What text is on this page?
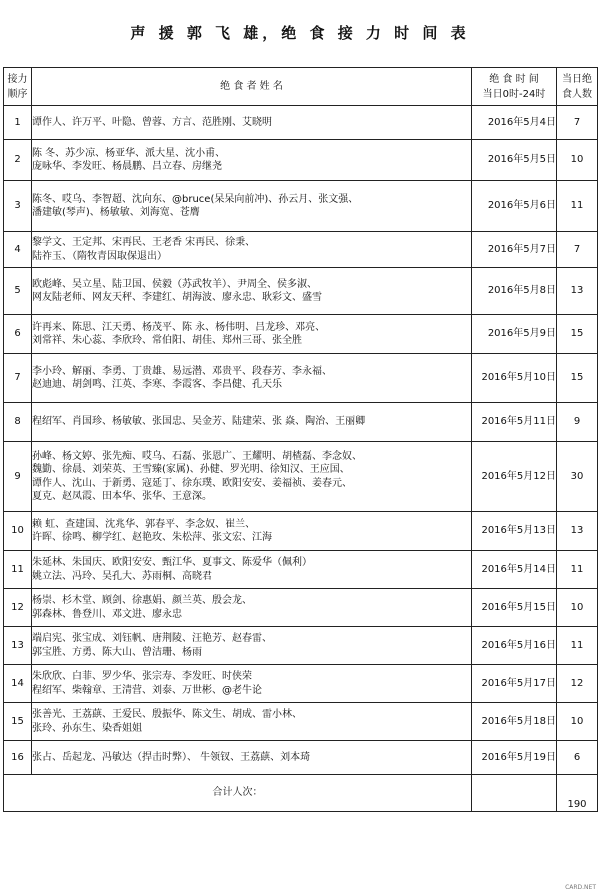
声 援 郭 飞 雄，绝 食 接 力 时 间 表
接力
顺序	绝 食 者 姓 名	绝 食 时 间
当日0时-24时	当日绝
食人数

1	谭作人、许万平、叶隐、曾蓉、方言、范胜刚、艾晓明	2016年5月4日	7
2	陈 冬、苏少凉、杨亚华、派大星、沈小甫、
庞咏华、李发旺、杨晨鹏、吕立春、房继尧	2016年5月5日	10
3	陈冬、哎乌、李智超、沈向东、@bruce(呆呆向前冲)、孙云月、张文强、
潘建敏(琴声)、杨敏敏、刘海宽、苍膺	2016年5月6日	11
4	黎学文、王定邦、宋再民、王老香 宋再民、徐秉、
陆祚玉、（隋牧青因取保退出）	2016年5月7日	7
5	欧彪峰、吴立星、陆卫国、侯毅（苏武牧羊）、尹周全、侯多淑、
网友陆老师、网友天秤、李建红、胡海波、廖永忠、耿彩文、盛雪	2016年5月8日	13
6	许再来、陈思、江天勇、杨茂平、陈 永、杨伟明、吕龙珍、邓亮、
刘常祥、朱心蕊、李欣玲、常伯阳、胡佳、郑州三哥、张全胜	2016年5月9日	15
7	李小玲、解丽、李勇、丁贵雄、易远潜、邓贵平、段春芳、李永福、
赵迪迪、胡剑鸣、江英、李寒、李霞客、李昌健、孔天乐	2016年5月10日	15
8	程绍军、肖国珍、杨敏敏、张国忠、吴金芳、陆建荣、张 焱、陶治、王丽卿	2016年5月11日	9
9	孙峰、杨文婷、张先痴、哎乌、石磊、张恩广、王耀明、胡楂磊、李念奴、
魏勤、徐晨、刘荣英、王雪臻(家属)、孙健、罗光明、徐知汉、王应国、
谭作人、沈山、于新勇、寇延丁、徐东璞、欧阳安安、姜福祯、姜春元、
夏克、赵凤霞、田本华、张华、王意深。	2016年5月12日	30
10	赖 虹、查建国、沈兆华、郭春平、李念奴、崔兰、
许晖、徐鸣、柳学红、赵艳玫、朱松萍、张文宏、江海	2016年5月13日	13
11	朱延林、朱国庆、欧阳安安、甄江华、夏事文、陈爱华（佩利）
姚立法、冯玲、吴孔大、苏雨桐、高晓君	2016年5月14日	11
12	杨崇、杉木堂、顾剑、徐惠娟、颜兰英、殷会龙、
郭森林、鲁登川、邓文进、廖永忠	2016年5月15日	10
13	端启宪、张宝成、刘钰帆、唐荆陵、汪艳芳、赵春雷、
郭宝胜、方勇、陈大山、曾洁珊、杨雨	2016年5月16日	11
14	朱欣欣、白菲、罗少华、张宗寿、李发旺、时侠荣
程绍军、柴翰章、王清营、刘泰、万世彬、@老牛论	2016年5月17日	12
15	张善光、王荔蕻、王爱民、殷振华、陈文生、胡成、雷小林、
张玲、孙东生、染香姐姐	2016年5月18日	10
16	张占、岳起龙、冯敏达（捍击时弊）、 牛领钗、王荔蕻、刘本琦	2016年5月19日	6
合计人次：			190
CARD.NET
